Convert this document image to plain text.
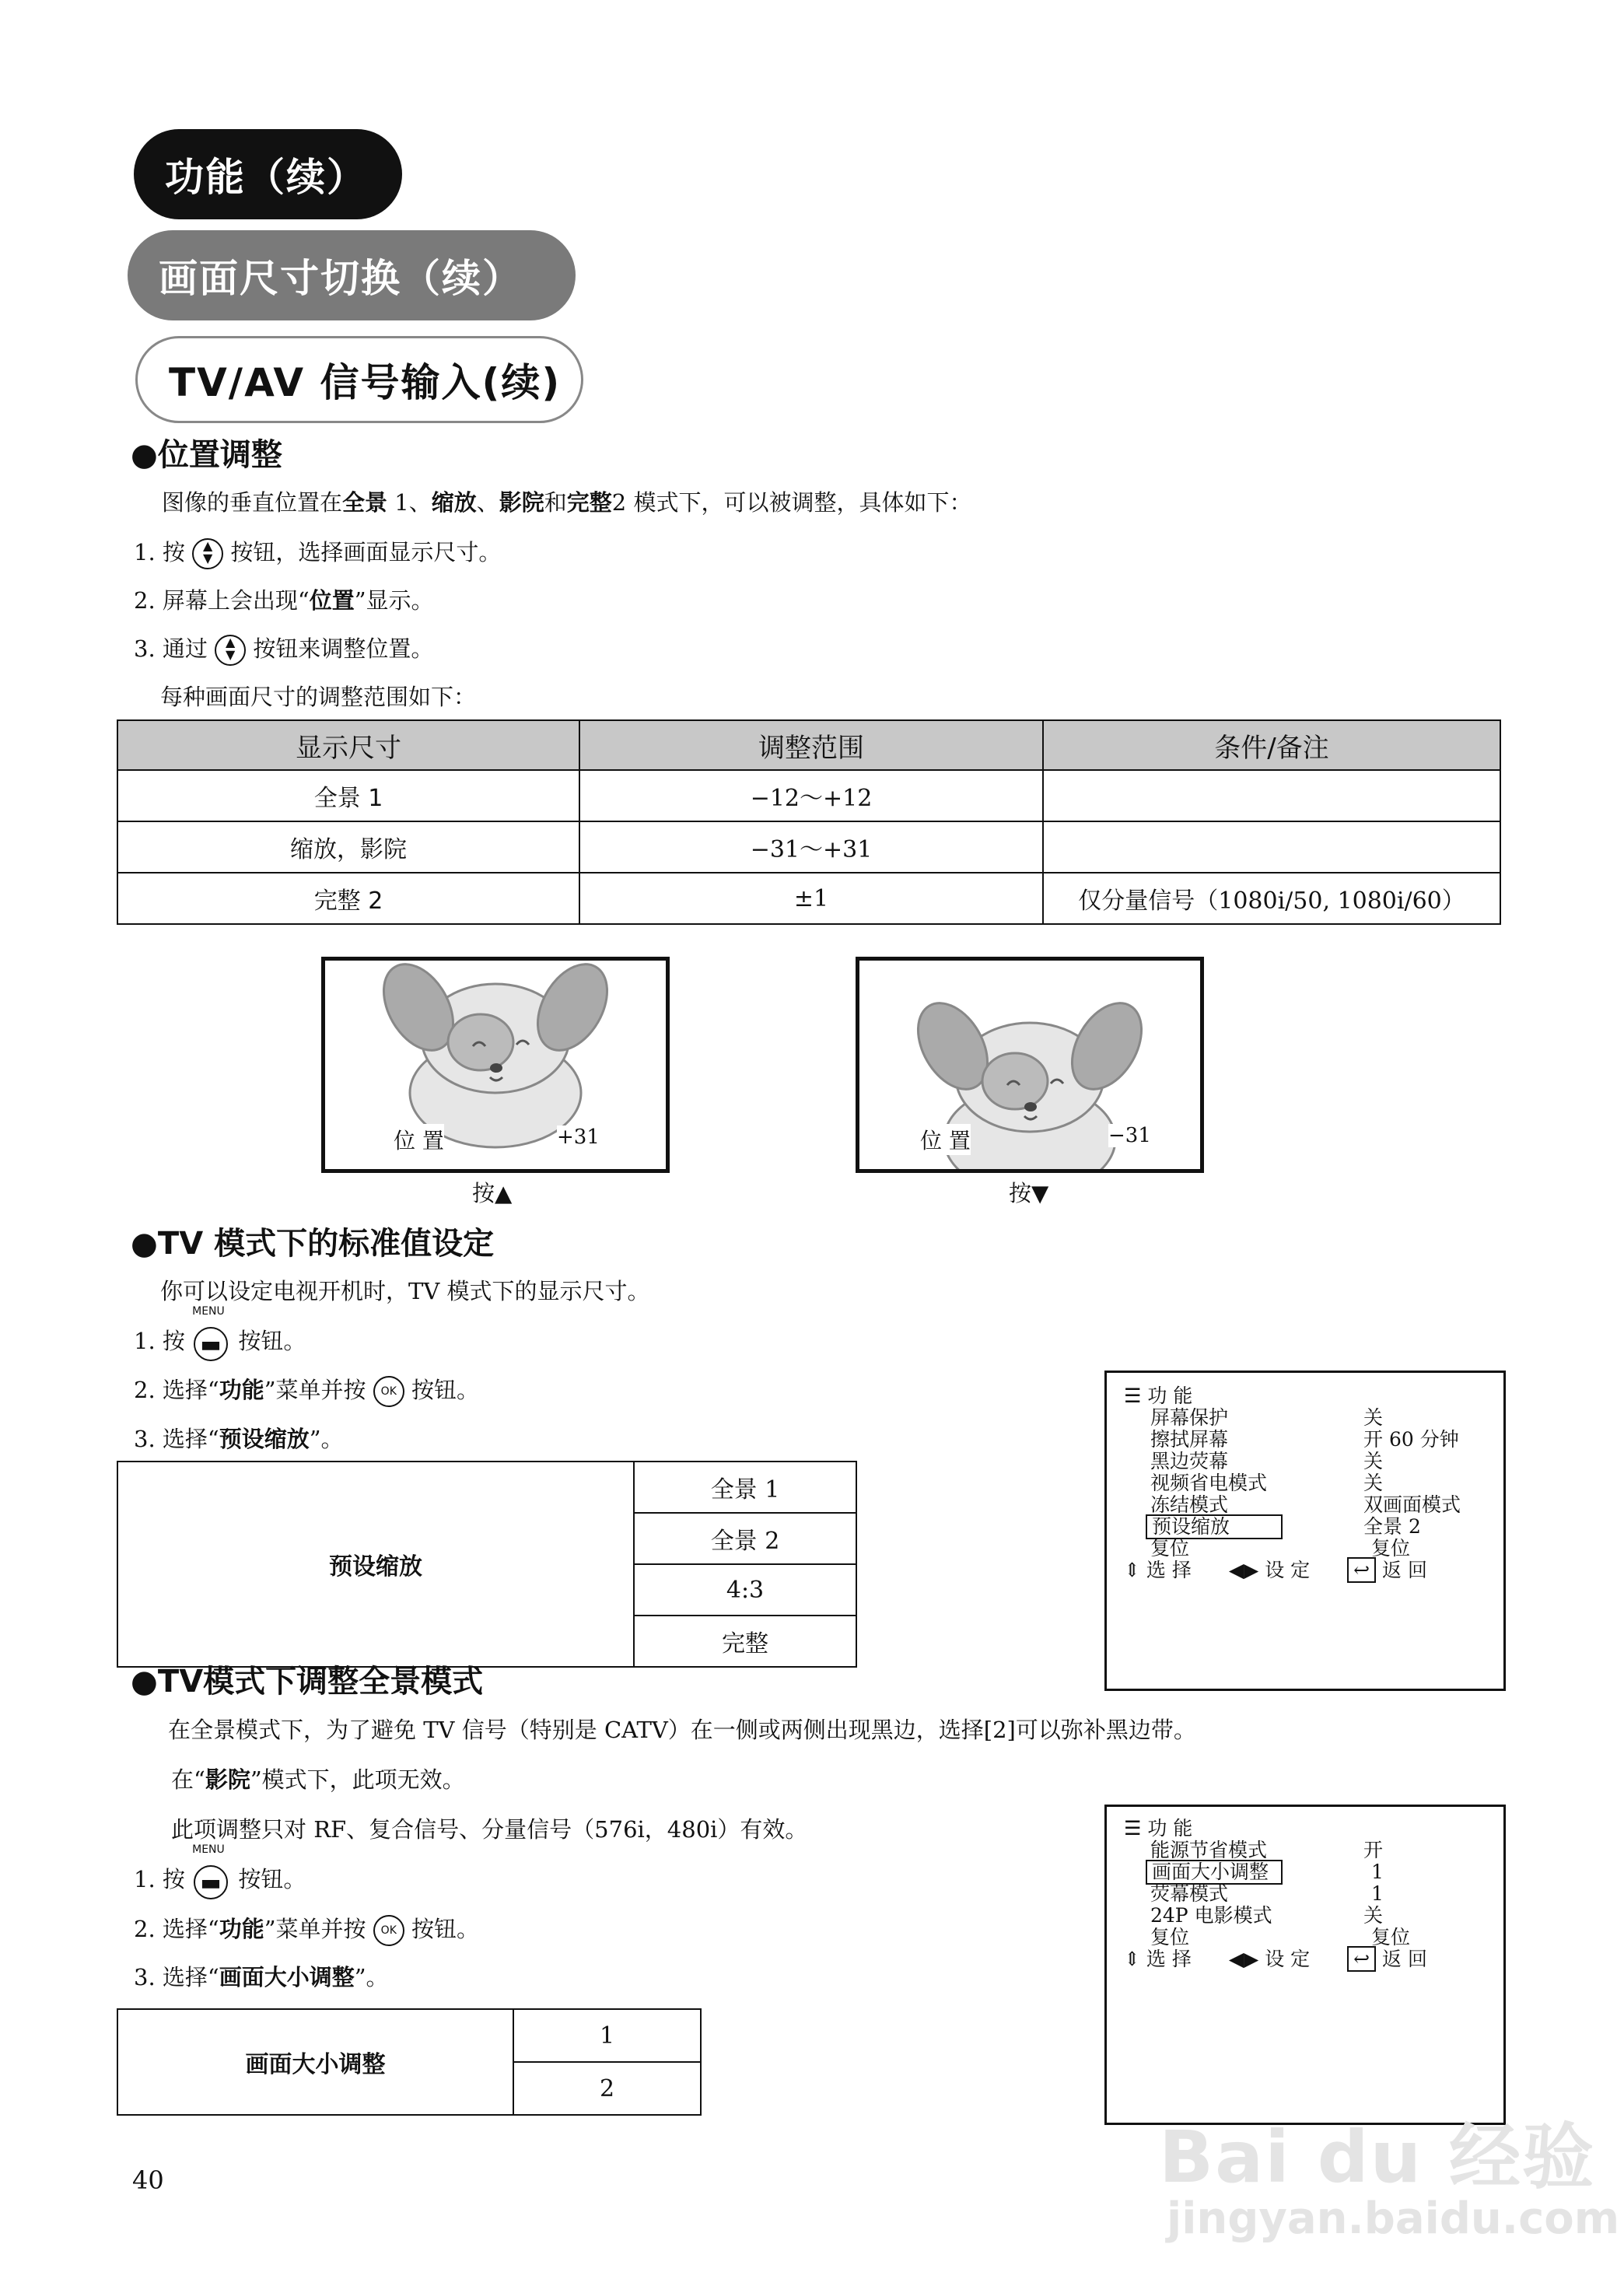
功能（续）
画面尺寸切换（续）
TV/AV 信号输入(续)
●位置调整
图像的垂直位置在全景 1、缩放、影院和完整2 模式下，可以被调整，具体如下：
1. 按 ▲
▼ 按钮，选择画面显示尺寸。
2. 屏幕上会出现“位置”显示。
3. 通过 ▲
▼ 按钮来调整位置。
每种画面尺寸的调整范围如下：
显示尺寸	调整范围	条件/备注
全景 1	−12～+12	
缩放，影院	−31～+31	
完整 2	±1	仅分量信号（1080i/50, 1080i/60）
位 置	+31
按▲
位 置	−31
按▼
●TV 模式下的标准值设定
你可以设定电视开机时，TV 模式下的显示尺寸。
1. 按
MENU
▬ 按钮。
2. 选择“功能”菜单并按 OK 按钮。
3. 选择“预设缩放”。
预设缩放	全景 1
全景 2
4:3
完整
☰ 功 能
屏幕保护	关
擦拭屏幕	开 60 分钟
黑边荧幕	关
视频省电模式	关
冻结模式	双画面模式
预设缩放	全景 2
复位	复位
⇕ 选 择 ◀▶ 设 定 ↩ 返 回
●TV模式下调整全景模式
在全景模式下，为了避免 TV 信号（特别是 CATV）在一侧或两侧出现黑边，选择[2]可以弥补黑边带。
在“影院”模式下，此项无效。
此项调整只对 RF、复合信号、分量信号（576i，480i）有效。
1. 按
MENU
▬ 按钮。
2. 选择“功能”菜单并按 OK 按钮。
3. 选择“画面大小调整”。
画面大小调整	1
2
☰ 功 能
能源节省模式	开
画面大小调整	1
荧幕模式	1
24P 电影模式	关
复位	复位
⇕ 选 择 ◀▶ 设 定 ↩ 返 回
40	Bai du 经验
jingyan.baidu.com
